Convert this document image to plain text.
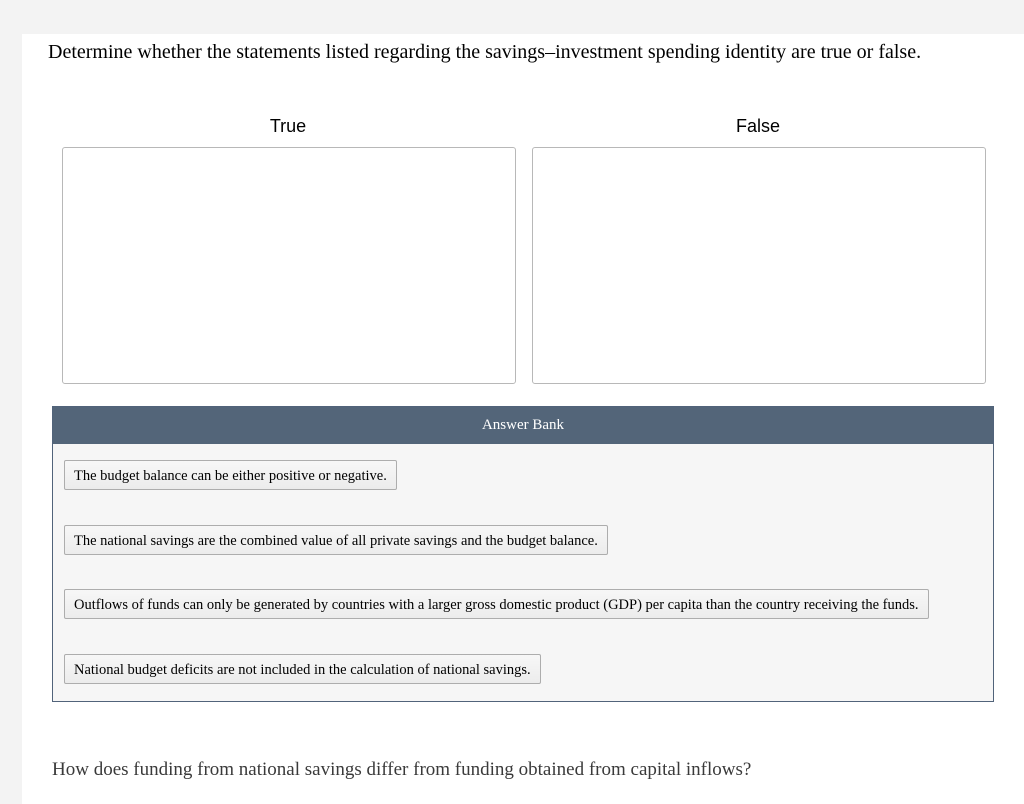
Determine whether the statements listed regarding the savings–investment spending identity are true or false.
True	False
Answer Bank
The budget balance can be either positive or negative.
The national savings are the combined value of all private savings and the budget balance.
Outflows of funds can only be generated by countries with a larger gross domestic product (GDP) per capita than the country receiving the funds.
National budget deficits are not included in the calculation of national savings.
How does funding from national savings differ from funding obtained from capital inflows?
